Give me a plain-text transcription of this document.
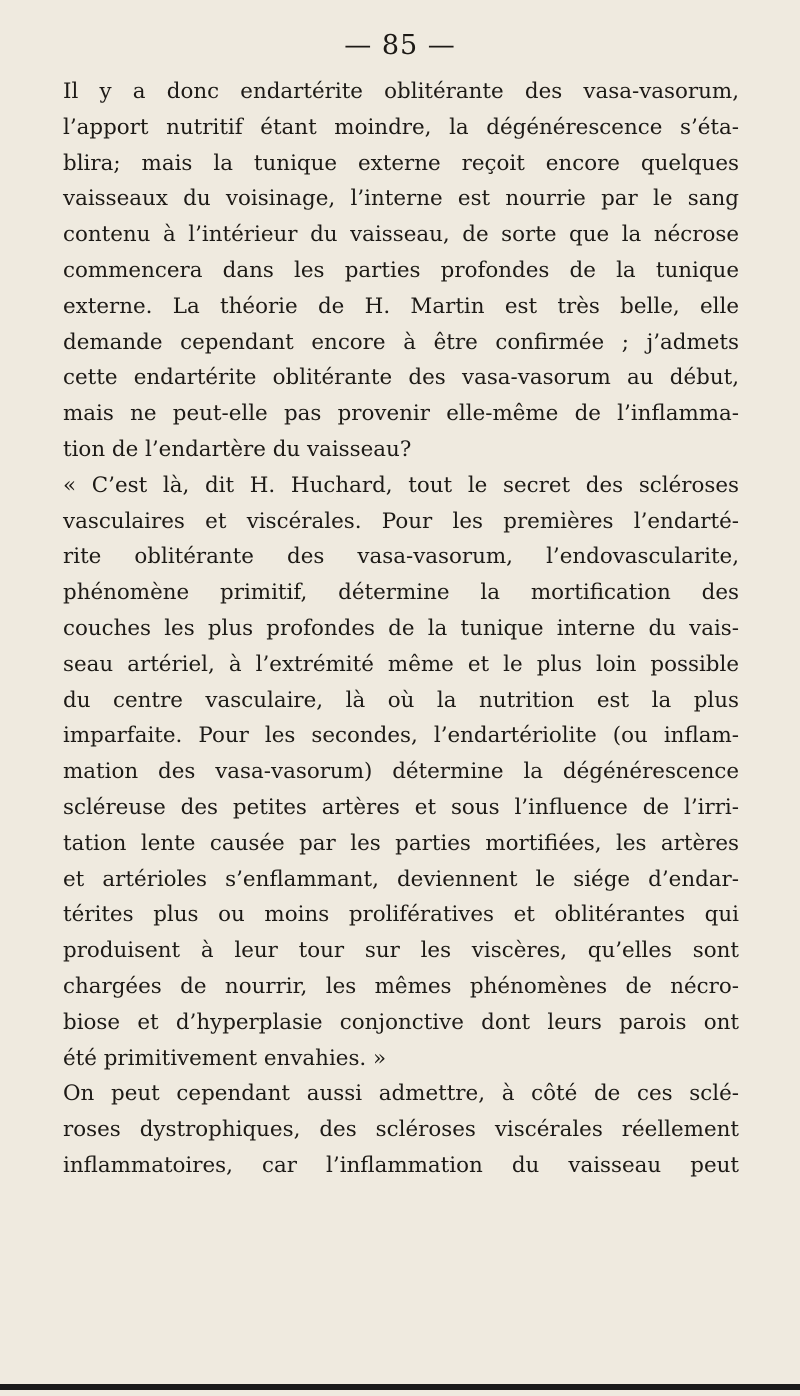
— 85 —
Il y a donc endartérite oblitérante des vasa-vasorum,
l’apport nutritif étant moindre, la dégénérescence s’éta-
blira; mais la tunique externe reçoit encore quelques
vaisseaux du voisinage, l’interne est nourrie par le sang
contenu à l’intérieur du vaisseau, de sorte que la nécrose
commencera dans les parties profondes de la tunique
externe. La théorie de H. Martin est très belle, elle
demande cependant encore à être confirmée ; j’admets
cette endartérite oblitérante des vasa-vasorum au début,
mais ne peut-elle pas provenir elle-même de l’inflamma-
tion de l’endartère du vaisseau?
« C’est là, dit H. Huchard, tout le secret des scléroses
vasculaires et viscérales. Pour les premières l’endarté-
rite oblitérante des vasa-vasorum, l’endovascularite,
phénomène primitif, détermine la mortification des
couches les plus profondes de la tunique interne du vais-
seau artériel, à l’extrémité même et le plus loin possible
du centre vasculaire, là où la nutrition est la plus
imparfaite. Pour les secondes, l’endartériolite (ou inflam-
mation des vasa-vasorum) détermine la dégénérescence
scléreuse des petites artères et sous l’influence de l’irri-
tation lente causée par les parties mortifiées, les artères
et artérioles s’enflammant, deviennent le siége d’endar-
térites plus ou moins prolifératives et oblitérantes qui
produisent à leur tour sur les viscères, qu’elles sont
chargées de nourrir, les mêmes phénomènes de nécro-
biose et d’hyperplasie conjonctive dont leurs parois ont
été primitivement envahies. »
On peut cependant aussi admettre, à côté de ces sclé-
roses dystrophiques, des scléroses viscérales réellement
inflammatoires, car l’inflammation du vaisseau peut
